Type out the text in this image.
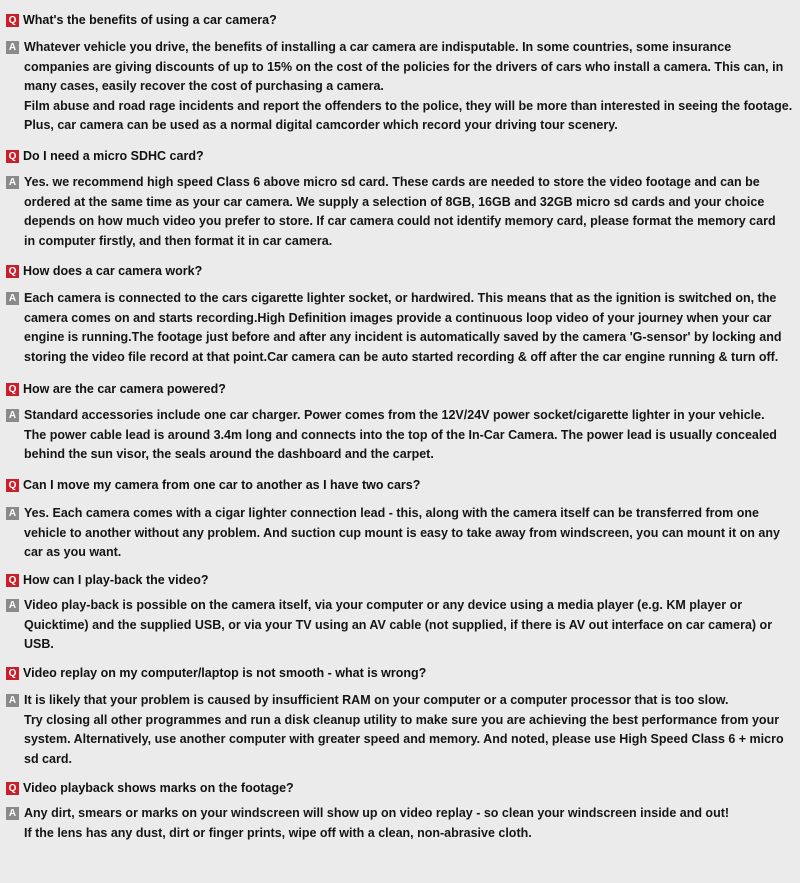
Q What's the benefits of using a car camera?
A Whatever vehicle you drive, the benefits of installing a car camera are indisputable. In some countries, some insurance
companies are giving discounts of up to 15% on the cost of the policies for the drivers of cars who install a camera. This can, in
many cases, easily recover the cost of purchasing a camera.
Film abuse and road rage incidents and report the offenders to the police, they will be more than interested in seeing the footage.
Plus, car camera can be used as a normal digital camcorder which record your driving tour scenery.
Q Do I need a micro SDHC card?
A Yes. we recommend high speed Class 6 above micro sd card. These cards are needed to store the video footage and can be
ordered at the same time as your car camera. We supply a selection of 8GB, 16GB and 32GB micro sd cards and your choice
depends on how much video you prefer to store. If car camera could not identify memory card, please format the memory card
in computer firstly, and then format it in car camera.
Q How does a car camera work?
A Each camera is connected to the cars cigarette lighter socket, or hardwired. This means that as the ignition is switched on, the
camera comes on and starts recording.High Definition images provide a continuous loop video of your journey when your car
engine is running.The footage just before and after any incident is automatically saved by the camera 'G-sensor' by locking and
storing the video file record at that point.Car camera can be auto started recording & off after the car engine running & turn off.
Q How are the car camera powered?
A Standard accessories include one car charger. Power comes from the 12V/24V power socket/cigarette lighter in your vehicle.
The power cable lead is around 3.4m long and connects into the top of the In-Car Camera. The power lead is usually concealed
behind the sun visor, the seals around the dashboard and the carpet.
Q Can I move my camera from one car to another as I have two cars?
A Yes. Each camera comes with a cigar lighter connection lead - this, along with the camera itself can be transferred from one
vehicle to another without any problem. And suction cup mount is easy to take away from windscreen, you can mount it on any
car as you want.
Q How can I play-back the video?
A Video play-back is possible on the camera itself, via your computer or any device using a media player (e.g. KM player or
Quicktime) and the supplied USB, or via your TV using an AV cable (not supplied, if there is AV out interface on car camera) or
USB.
Q Video replay on my computer/laptop is not smooth - what is wrong?
A It is likely that your problem is caused by insufficient RAM on your computer or a computer processor that is too slow.
Try closing all other programmes and run a disk cleanup utility to make sure you are achieving the best performance from your
system. Alternatively, use another computer with greater speed and memory. And noted, please use High Speed Class 6 + micro
sd card.
Q Video playback shows marks on the footage?
A Any dirt, smears or marks on your windscreen will show up on video replay - so clean your windscreen inside and out!
If the lens has any dust, dirt or finger prints, wipe off with a clean, non-abrasive cloth.
